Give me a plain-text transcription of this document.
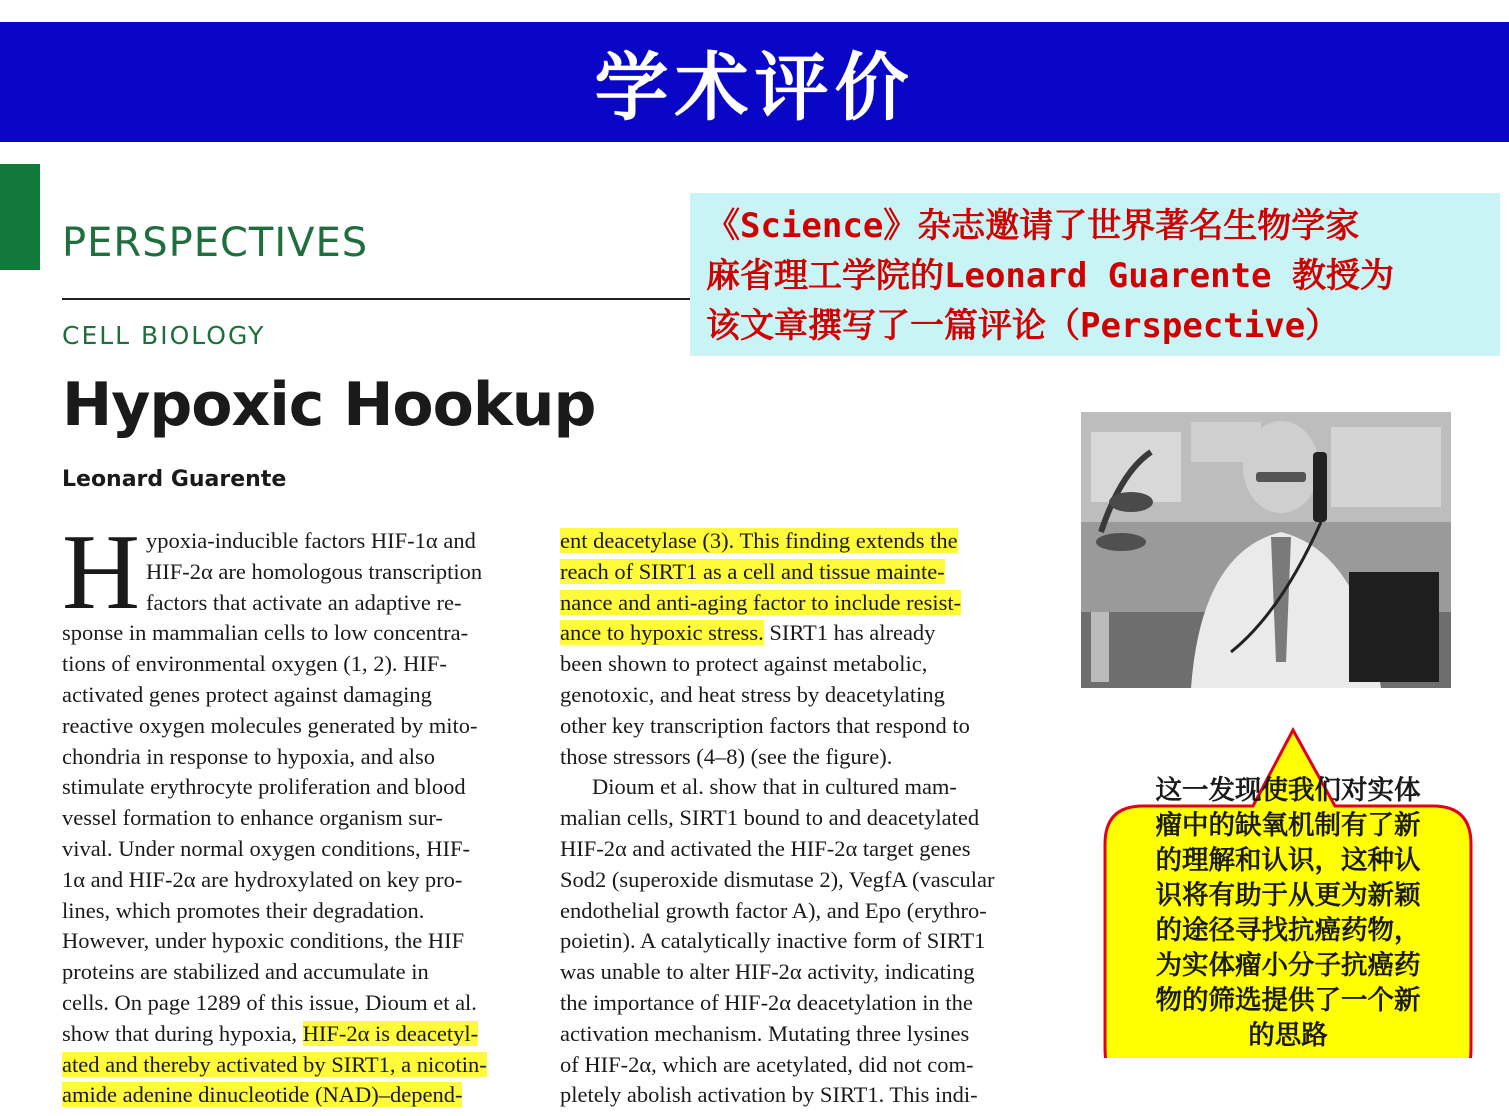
学术评价
PERSPECTIVES
CELL BIOLOGY
Hypoxic Hookup
Leonard Guarente
H ypoxia-inducible factors HIF-1α and
HIF-2α are homologous transcription
factors that activate an adaptive re-
sponse in mammalian cells to low concentra-
tions of environmental oxygen (1, 2). HIF-
activated genes protect against damaging
reactive oxygen molecules generated by mito-
chondria in response to hypoxia, and also
stimulate erythrocyte proliferation and blood
vessel formation to enhance organism sur-
vival. Under normal oxygen conditions, HIF-
1α and HIF-2α are hydroxylated on key pro-
lines, which promotes their degradation.
However, under hypoxic conditions, the HIF
proteins are stabilized and accumulate in
cells. On page 1289 of this issue, Dioum et al.
show that during hypoxia, HIF-2α is deacetyl-
ated and thereby activated by SIRT1, a nicotin-
amide adenine dinucleotide (NAD)–depend-
ent deacetylase (3). This finding extends the
reach of SIRT1 as a cell and tissue mainte-
nance and anti-aging factor to include resist-
ance to hypoxic stress. SIRT1 has already
been shown to protect against metabolic,
genotoxic, and heat stress by deacetylating
other key transcription factors that respond to
those stressors (4–8) (see the figure).
Dioum et al. show that in cultured mam-
malian cells, SIRT1 bound to and deacetylated
HIF-2α and activated the HIF-2α target genes
Sod2 (superoxide dismutase 2), VegfA (vascular
endothelial growth factor A), and Epo (erythro-
poietin). A catalytically inactive form of SIRT1
was unable to alter HIF-2α activity, indicating
the importance of HIF-2α deacetylation in the
activation mechanism. Mutating three lysines
of HIF-2α, which are acetylated, did not com-
pletely abolish activation by SIRT1. This indi-
《Science》杂志邀请了世界著名生物学家
麻省理工学院的Leonard Guarente 教授为
该文章撰写了一篇评论（Perspective）
这一发现使我们对实体
瘤中的缺氧机制有了新
的理解和认识，这种认
识将有助于从更为新颖
的途径寻找抗癌药物，
为实体瘤小分子抗癌药
物的筛选提供了一个新
的思路
